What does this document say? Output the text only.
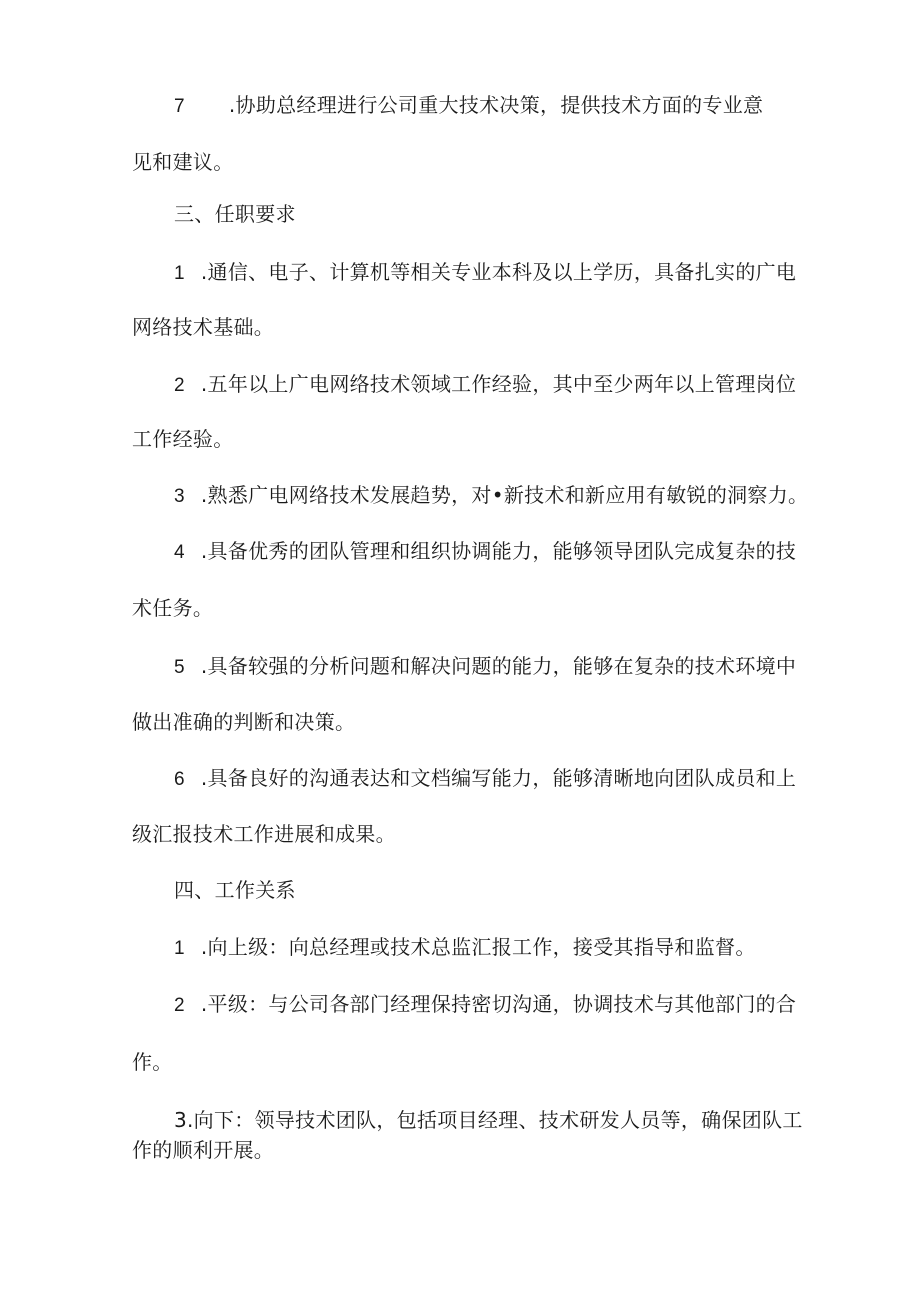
7 .协助总经理进行公司重大技术决策，提供技术方面的专业意
见和建议。
三、任职要求
1 .通信、电子、计算机等相关专业本科及以上学历，具备扎实的广电
网络技术基础。
2 .五年以上广电网络技术领域工作经验，其中至少两年以上管理岗位
工作经验。
3 .熟悉广电网络技术发展趋势，对•新技术和新应用有敏锐的洞察力。
4 .具备优秀的团队管理和组织协调能力，能够领导团队完成复杂的技
术任务。
5 .具备较强的分析问题和解决问题的能力，能够在复杂的技术环境中
做出准确的判断和决策。
6 .具备良好的沟通表达和文档编写能力，能够清晰地向团队成员和上
级汇报技术工作进展和成果。
四、工作关系
1 .向上级：向总经理或技术总监汇报工作，接受其指导和监督。
2 .平级：与公司各部门经理保持密切沟通，协调技术与其他部门的合
作。
3.向下：领导技术团队，包括项目经理、技术研发人员等，确保团队工
作的顺利开展。
